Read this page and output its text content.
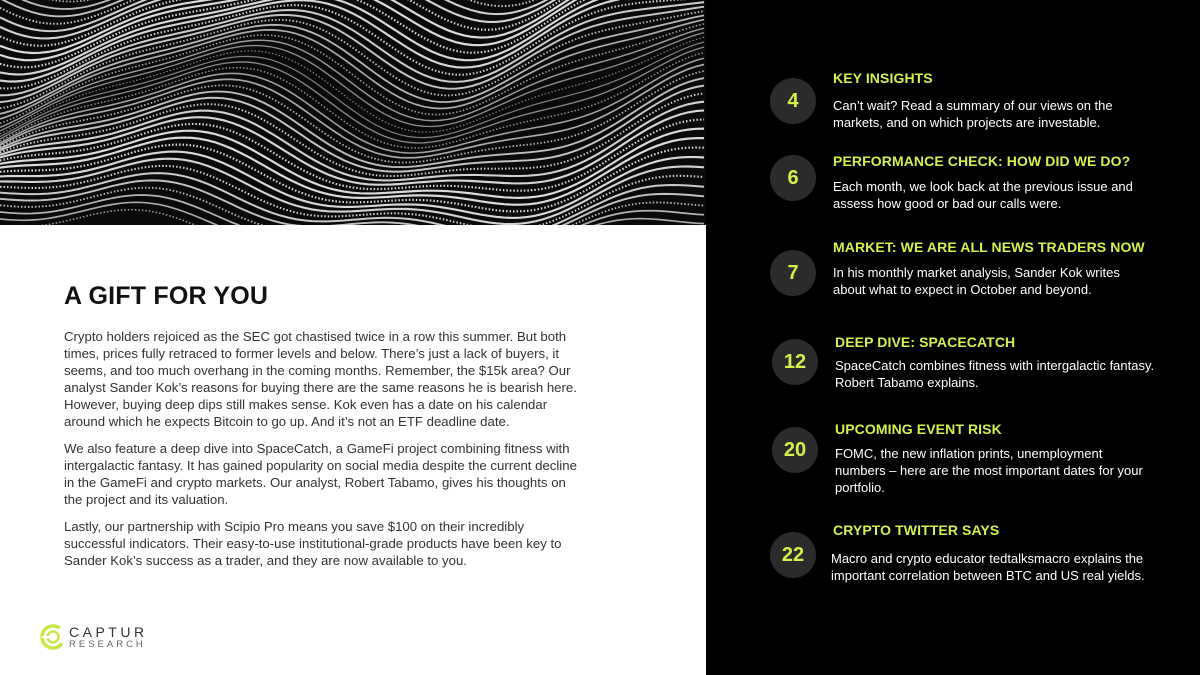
A GIFT FOR YOU

Crypto holders rejoiced as the SEC got chastised twice in a row this summer. But both times, prices fully retraced to former levels and below. There’s just a lack of buyers, it seems, and too much overhang in the coming months. Remember, the $15k area? Our analyst Sander Kok’s reasons for buying there are the same reasons he is bearish here. However, buying deep dips still makes sense. Kok even has a date on his calendar around which he expects Bitcoin to go up. And it’s not an ETF deadline date.

We also feature a deep dive into SpaceCatch, a GameFi project combining fitness with intergalactic fantasy. It has gained popularity on social media despite the current decline in the GameFi and crypto markets. Our analyst, Robert Tabamo, gives his thoughts on the project and its valuation.

Lastly, our partnership with Scipio Pro means you save $100 on their incredibly successful indicators. Their easy-to-use institutional-grade products have been key to Sander Kok’s success as a trader, and they are now available to you.

CAPTUR
RESEARCH
4
KEY INSIGHTS
Can’t wait? Read a summary of our views on the markets, and on which projects are investable.
6
PERFORMANCE CHECK: HOW DID WE DO?
Each month, we look back at the previous issue and assess how good or bad our calls were.
7
MARKET: WE ARE ALL NEWS TRADERS NOW
In his monthly market analysis, Sander Kok writes about what to expect in October and beyond.
12
DEEP DIVE: SPACECATCH
SpaceCatch combines fitness with intergalactic fantasy. Robert Tabamo explains.
20
UPCOMING EVENT RISK
FOMC, the new inflation prints, unemployment numbers – here are the most important dates for your portfolio.
22
CRYPTO TWITTER SAYS
Macro and crypto educator tedtalksmacro explains the important correlation between BTC and US real yields.
